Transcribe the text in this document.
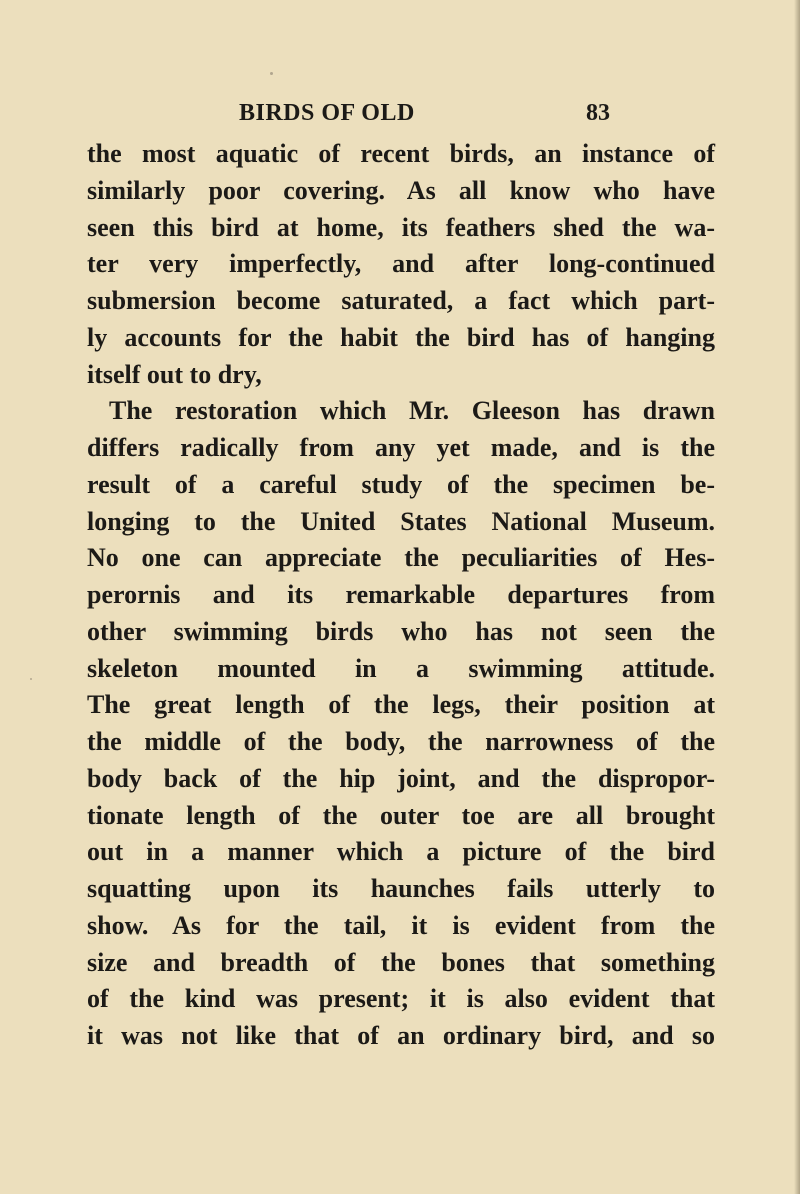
BIRDS OF OLD	83
the most aquatic of recent birds, an instance of
similarly poor covering. As all know who have
seen this bird at home, its feathers shed the wa-
ter very imperfectly, and after long-continued
submersion become saturated, a fact which part-
ly accounts for the habit the bird has of hanging
itself out to dry,
The restoration which Mr. Gleeson has drawn
differs radically from any yet made, and is the
result of a careful study of the specimen be-
longing to the United States National Museum.
No one can appreciate the peculiarities of Hes-
perornis and its remarkable departures from
other swimming birds who has not seen the
skeleton mounted in a swimming attitude.
The great length of the legs, their position at
the middle of the body, the narrowness of the
body back of the hip joint, and the dispropor-
tionate length of the outer toe are all brought
out in a manner which a picture of the bird
squatting upon its haunches fails utterly to
show. As for the tail, it is evident from the
size and breadth of the bones that something
of the kind was present; it is also evident that
it was not like that of an ordinary bird, and so
